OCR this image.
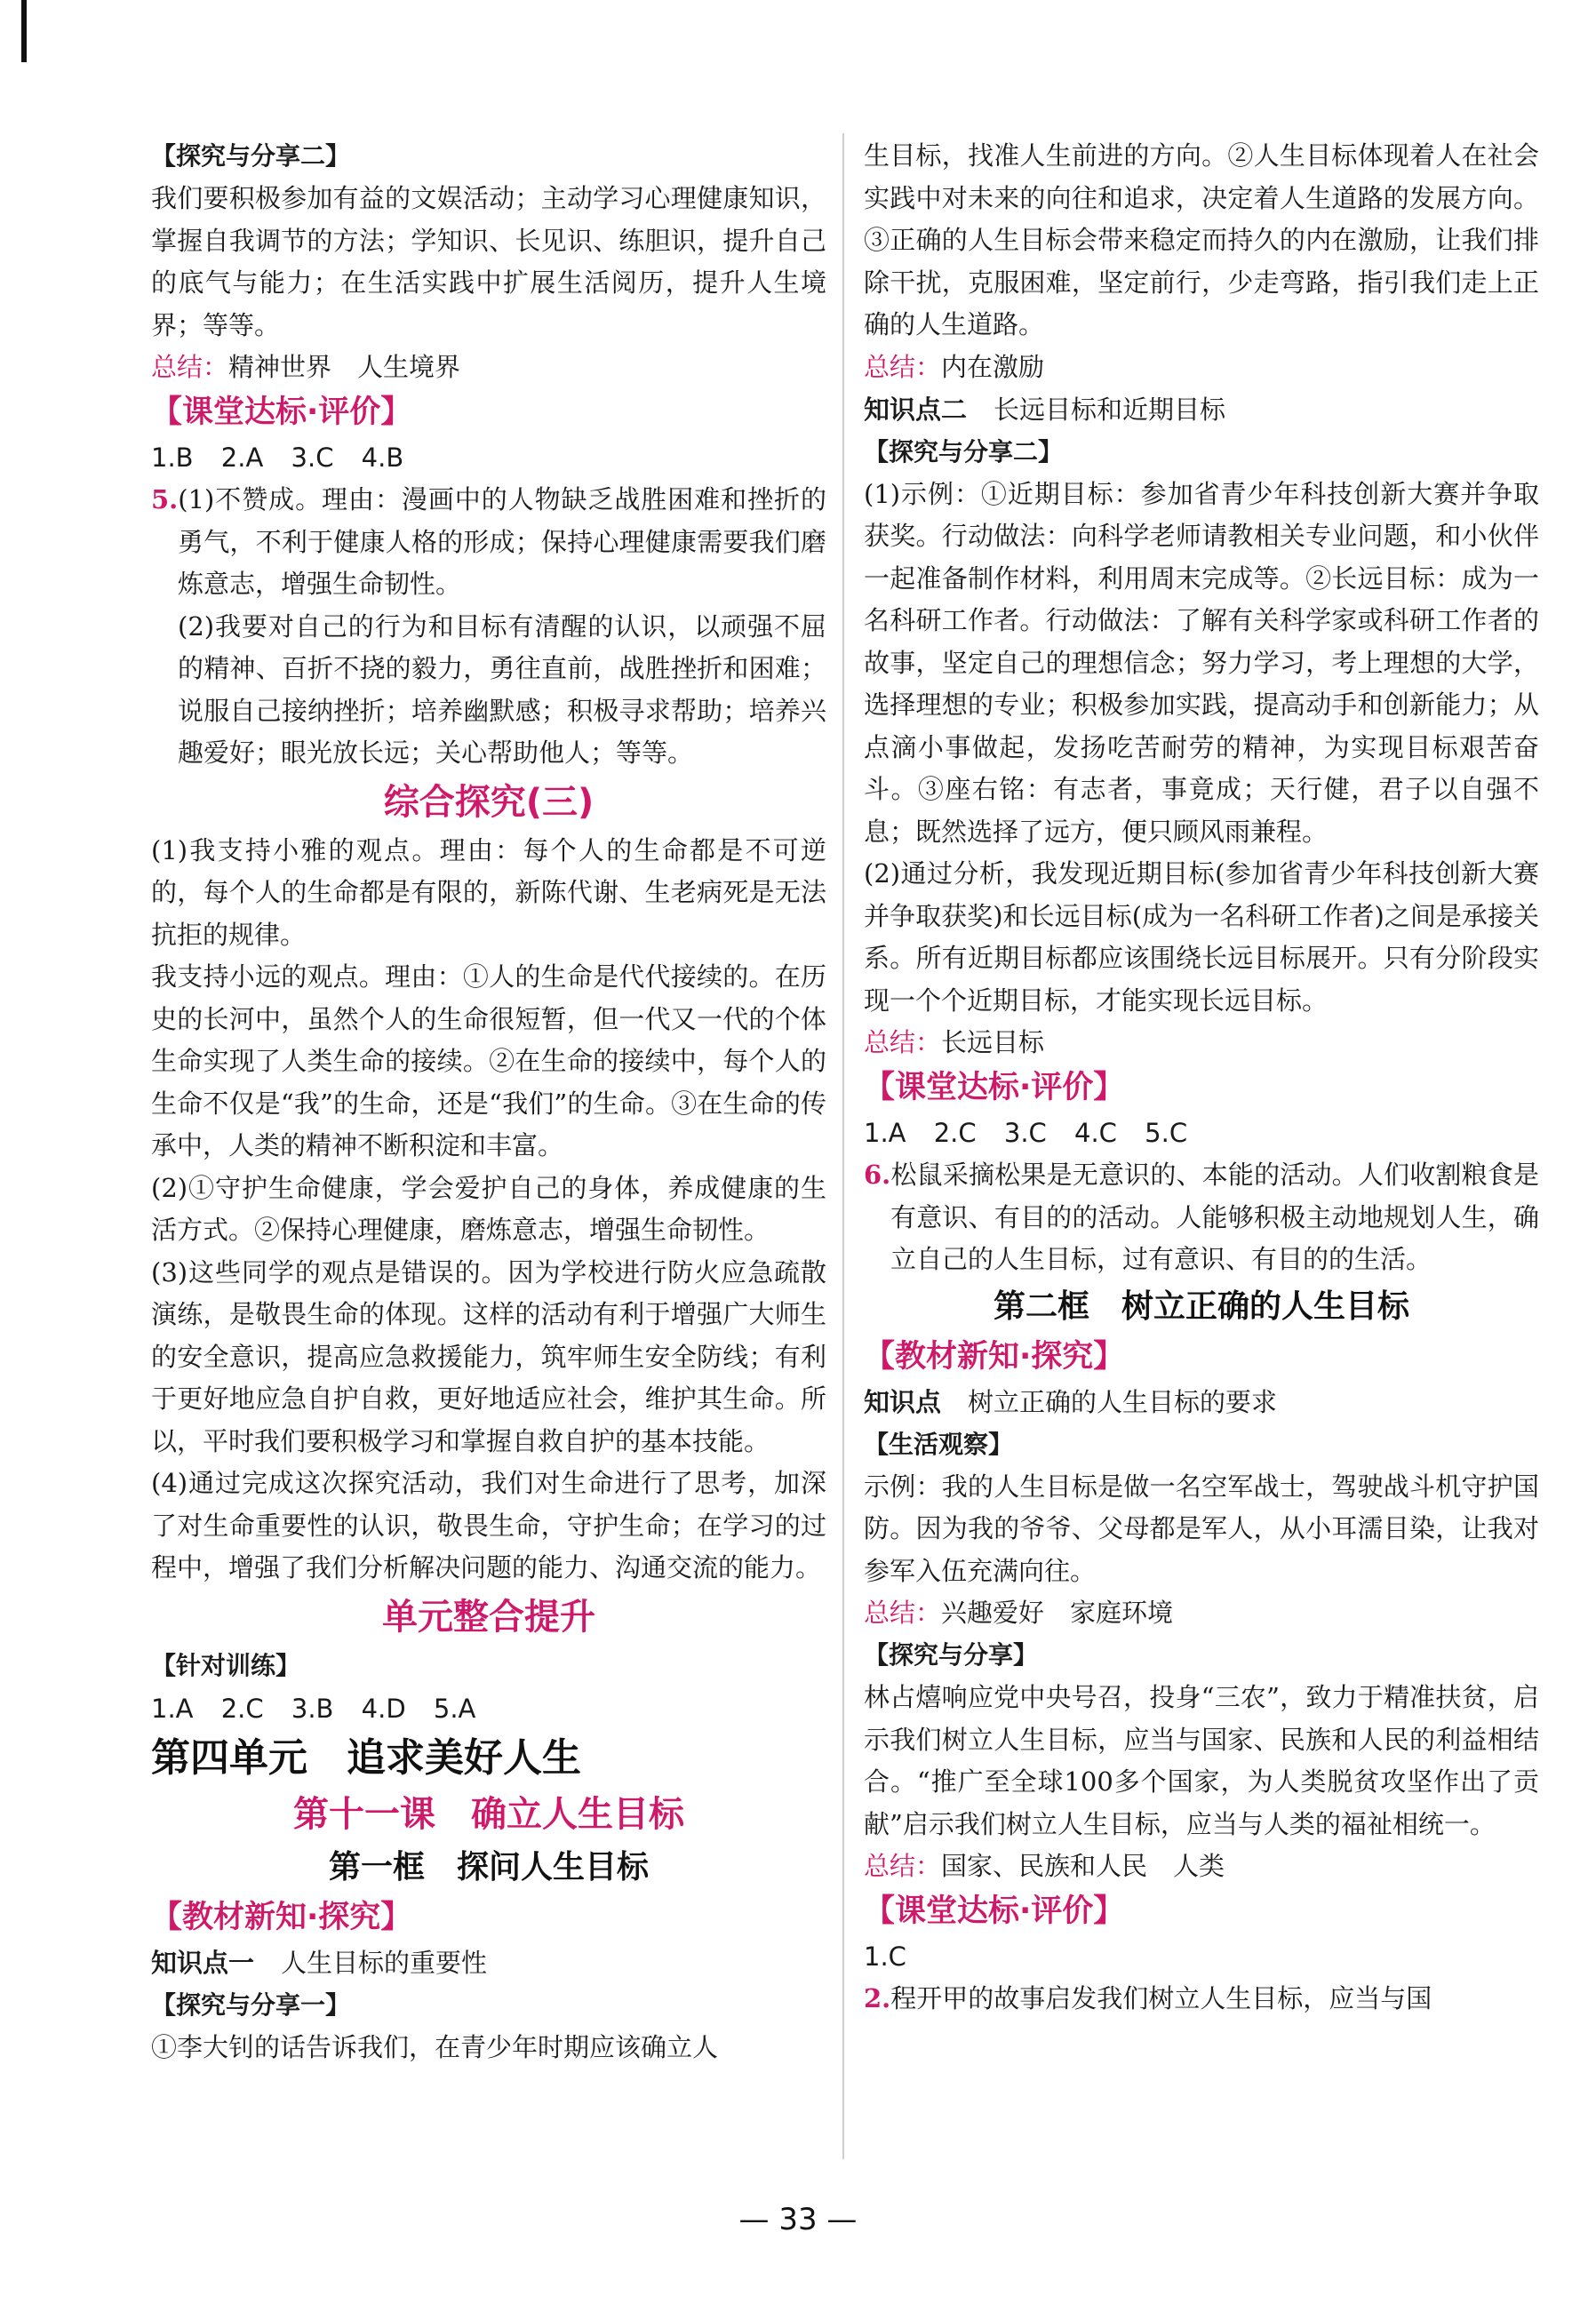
【探究与分享二】

我们要积极参加有益的文娱活动；主动学习心理健康知识，掌握自我调节的方法；学知识、长见识、练胆识，提升自己的底气与能力；在生活实践中扩展生活阅历，提升人生境界；等等。

总结：精神世界　人生境界

【课堂达标·评价】

1.B 2.A 3.C 4.B

5.(1)不赞成。理由：漫画中的人物缺乏战胜困难和挫折的勇气，不利于健康人格的形成；保持心理健康需要我们磨炼意志，增强生命韧性。

(2)我要对自己的行为和目标有清醒的认识，以顽强不屈的精神、百折不挠的毅力，勇往直前，战胜挫折和困难；说服自己接纳挫折；培养幽默感；积极寻求帮助；培养兴趣爱好；眼光放长远；关心帮助他人；等等。

综合探究(三)

(1)我支持小雅的观点。理由：每个人的生命都是不可逆的，每个人的生命都是有限的，新陈代谢、生老病死是无法抗拒的规律。

我支持小远的观点。理由：①人的生命是代代接续的。在历史的长河中，虽然个人的生命很短暂，但一代又一代的个体生命实现了人类生命的接续。②在生命的接续中，每个人的生命不仅是“我”的生命，还是“我们”的生命。③在生命的传承中，人类的精神不断积淀和丰富。

(2)①守护生命健康，学会爱护自己的身体，养成健康的生活方式。②保持心理健康，磨炼意志，增强生命韧性。

(3)这些同学的观点是错误的。因为学校进行防火应急疏散演练，是敬畏生命的体现。这样的活动有利于增强广大师生的安全意识，提高应急救援能力，筑牢师生安全防线；有利于更好地应急自护自救，更好地适应社会，维护其生命。所以，平时我们要积极学习和掌握自救自护的基本技能。

(4)通过完成这次探究活动，我们对生命进行了思考，加深了对生命重要性的认识，敬畏生命，守护生命；在学习的过程中，增强了我们分析解决问题的能力、沟通交流的能力。

单元整合提升

【针对训练】

1.A 2.C 3.B 4.D 5.A

第四单元　追求美好人生

第十一课　确立人生目标

第一框　探问人生目标

【教材新知·探究】

知识点一 人生目标的重要性

【探究与分享一】

①李大钊的话告诉我们，在青少年时期应该确立人

生目标，找准人生前进的方向。②人生目标体现着人在社会实践中对未来的向往和追求，决定着人生道路的发展方向。③正确的人生目标会带来稳定而持久的内在激励，让我们排除干扰，克服困难，坚定前行，少走弯路，指引我们走上正确的人生道路。

总结：内在激励

知识点二 长远目标和近期目标

【探究与分享二】

(1)示例：①近期目标：参加省青少年科技创新大赛并争取获奖。行动做法：向科学老师请教相关专业问题，和小伙伴一起准备制作材料，利用周末完成等。②长远目标：成为一名科研工作者。行动做法：了解有关科学家或科研工作者的故事，坚定自己的理想信念；努力学习，考上理想的大学，选择理想的专业；积极参加实践，提高动手和创新能力；从点滴小事做起，发扬吃苦耐劳的精神，为实现目标艰苦奋斗。③座右铭：有志者，事竟成；天行健，君子以自强不息；既然选择了远方，便只顾风雨兼程。

(2)通过分析，我发现近期目标(参加省青少年科技创新大赛并争取获奖)和长远目标(成为一名科研工作者)之间是承接关系。所有近期目标都应该围绕长远目标展开。只有分阶段实现一个个近期目标，才能实现长远目标。

总结：长远目标

【课堂达标·评价】

1.A 2.C 3.C 4.C 5.C

6.松鼠采摘松果是无意识的、本能的活动。人们收割粮食是有意识、有目的的活动。人能够积极主动地规划人生，确立自己的人生目标，过有意识、有目的的生活。

第二框　树立正确的人生目标

【教材新知·探究】

知识点 树立正确的人生目标的要求

【生活观察】

示例：我的人生目标是做一名空军战士，驾驶战斗机守护国防。因为我的爷爷、父母都是军人，从小耳濡目染，让我对参军入伍充满向往。

总结：兴趣爱好　家庭环境

【探究与分享】

林占熺响应党中央号召，投身“三农”，致力于精准扶贫，启示我们树立人生目标，应当与国家、民族和人民的利益相结合。“推广至全球100多个国家，为人类脱贫攻坚作出了贡献”启示我们树立人生目标，应当与人类的福祉相统一。

总结：国家、民族和人民　人类

【课堂达标·评价】

1.C

2.程开甲的故事启发我们树立人生目标，应当与国

— 33 —
